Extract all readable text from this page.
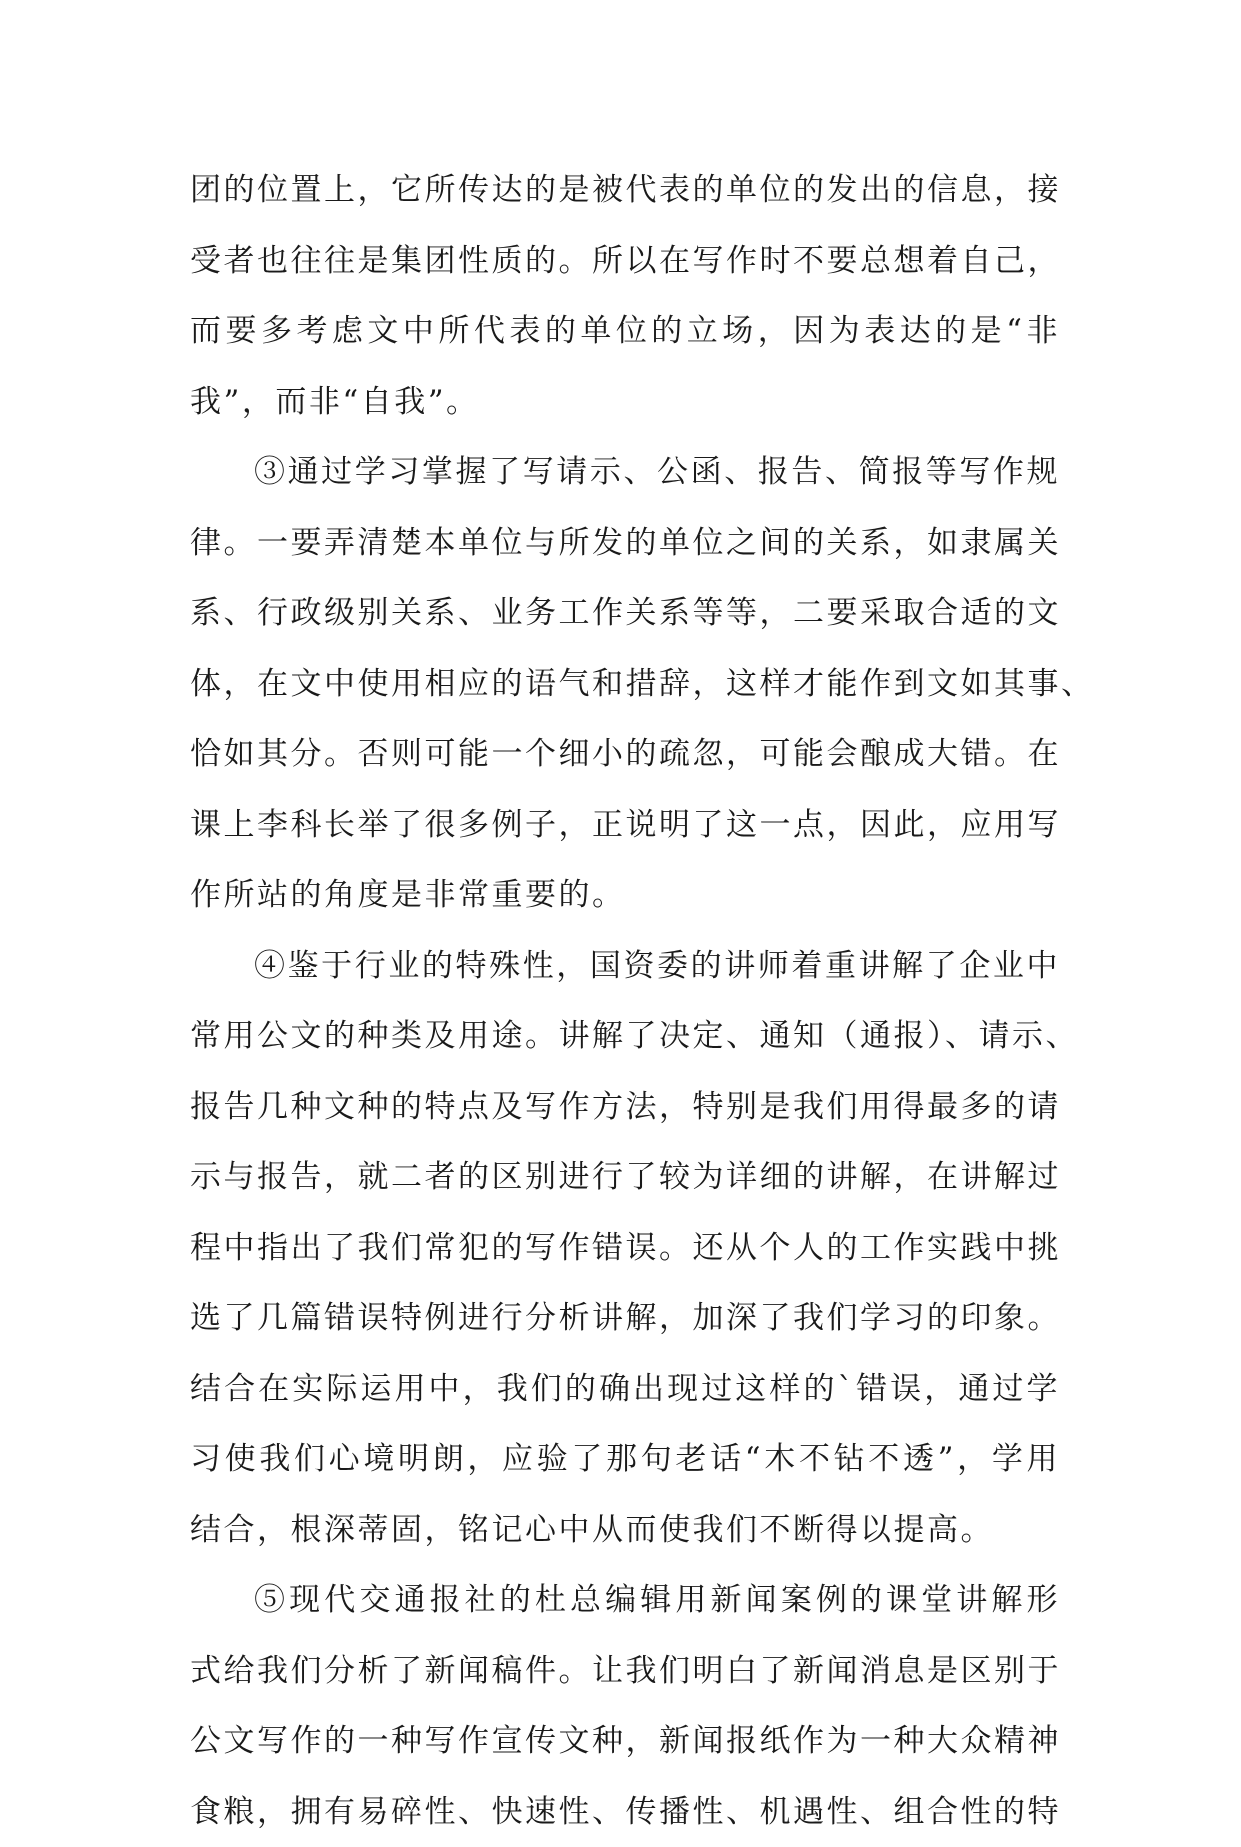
团的位置上，它所传达的是被代表的单位的发出的信息，接
受者也往往是集团性质的。所以在写作时不要总想着自己，
而要多考虑文中所代表的单位的立场，因为表达的是“非
我”，而非“自我”。
③通过学习掌握了写请示、公函、报告、简报等写作规
律。一要弄清楚本单位与所发的单位之间的关系，如隶属关
系、行政级别关系、业务工作关系等等，二要采取合适的文
体，在文中使用相应的语气和措辞，这样才能作到文如其事、
恰如其分。否则可能一个细小的疏忽，可能会酿成大错。在
课上李科长举了很多例子，正说明了这一点，因此，应用写
作所站的角度是非常重要的。
④鉴于行业的特殊性，国资委的讲师着重讲解了企业中
常用公文的种类及用途。讲解了决定、通知（通报）、请示、
报告几种文种的特点及写作方法，特别是我们用得最多的请
示与报告，就二者的区别进行了较为详细的讲解，在讲解过
程中指出了我们常犯的写作错误。还从个人的工作实践中挑
选了几篇错误特例进行分析讲解，加深了我们学习的印象。
结合在实际运用中，我们的确出现过这样的`错误，通过学
习使我们心境明朗，应验了那句老话“木不钻不透”，学用
结合，根深蒂固，铭记心中从而使我们不断得以提高。
⑤现代交通报社的杜总编辑用新闻案例的课堂讲解形
式给我们分析了新闻稿件。让我们明白了新闻消息是区别于
公文写作的一种写作宣传文种，新闻报纸作为一种大众精神
食粮，拥有易碎性、快速性、传播性、机遇性、组合性的特
